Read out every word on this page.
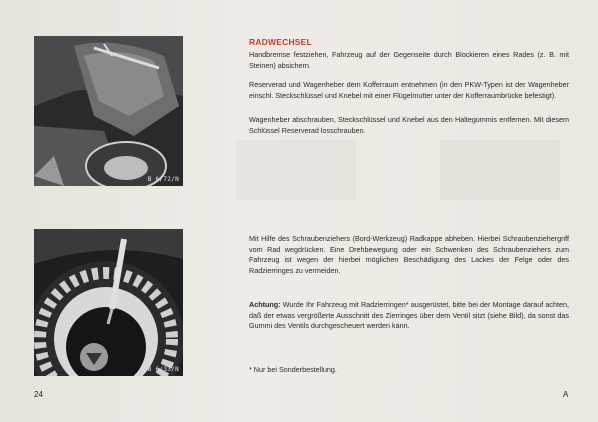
B 6/72/N
B 6/33/N
RADWECHSEL

Handbremse festziehen, Fahrzeug auf der Gegenseite durch Blockieren eines Rades (z. B. mit Steinen) absichern.

Reserverad und Wagenheber dem Kofferraum entnehmen (in den PKW-Typen ist der Wagenheber einschl. Steckschlüssel und Knebel mit einer Flügelmutter unter der Kofferraumbrücke befestigt).

Wagenheber abschrauben, Steckschlüssel und Knebel aus den Haltegummis entfernen. Mit diesem Schlüssel Reserverad losschrauben.

Mit Hilfe des Schraubenziehers (Bord-Werkzeug) Radkappe abheben. Hierbei Schraubenziehergriff vom Rad wegdrücken. Eine Drehbewegung oder ein Schwenken des Schraubenziehers zum Fahrzeug ist wegen der hierbei möglichen Beschädigung des Lackes der Felge oder des Radzierringes zu vermeiden.

Achtung: Wurde Ihr Fahrzeug mit Radzierringen* ausgerüstet, bitte bei der Montage darauf achten, daß der etwas vergrößerte Ausschnitt des Zierringes über dem Ventil sitzt (siehe Bild), da sonst das Gummi des Ventils durchgescheuert werden kann.

* Nur bei Sonderbestellung.
24	A
